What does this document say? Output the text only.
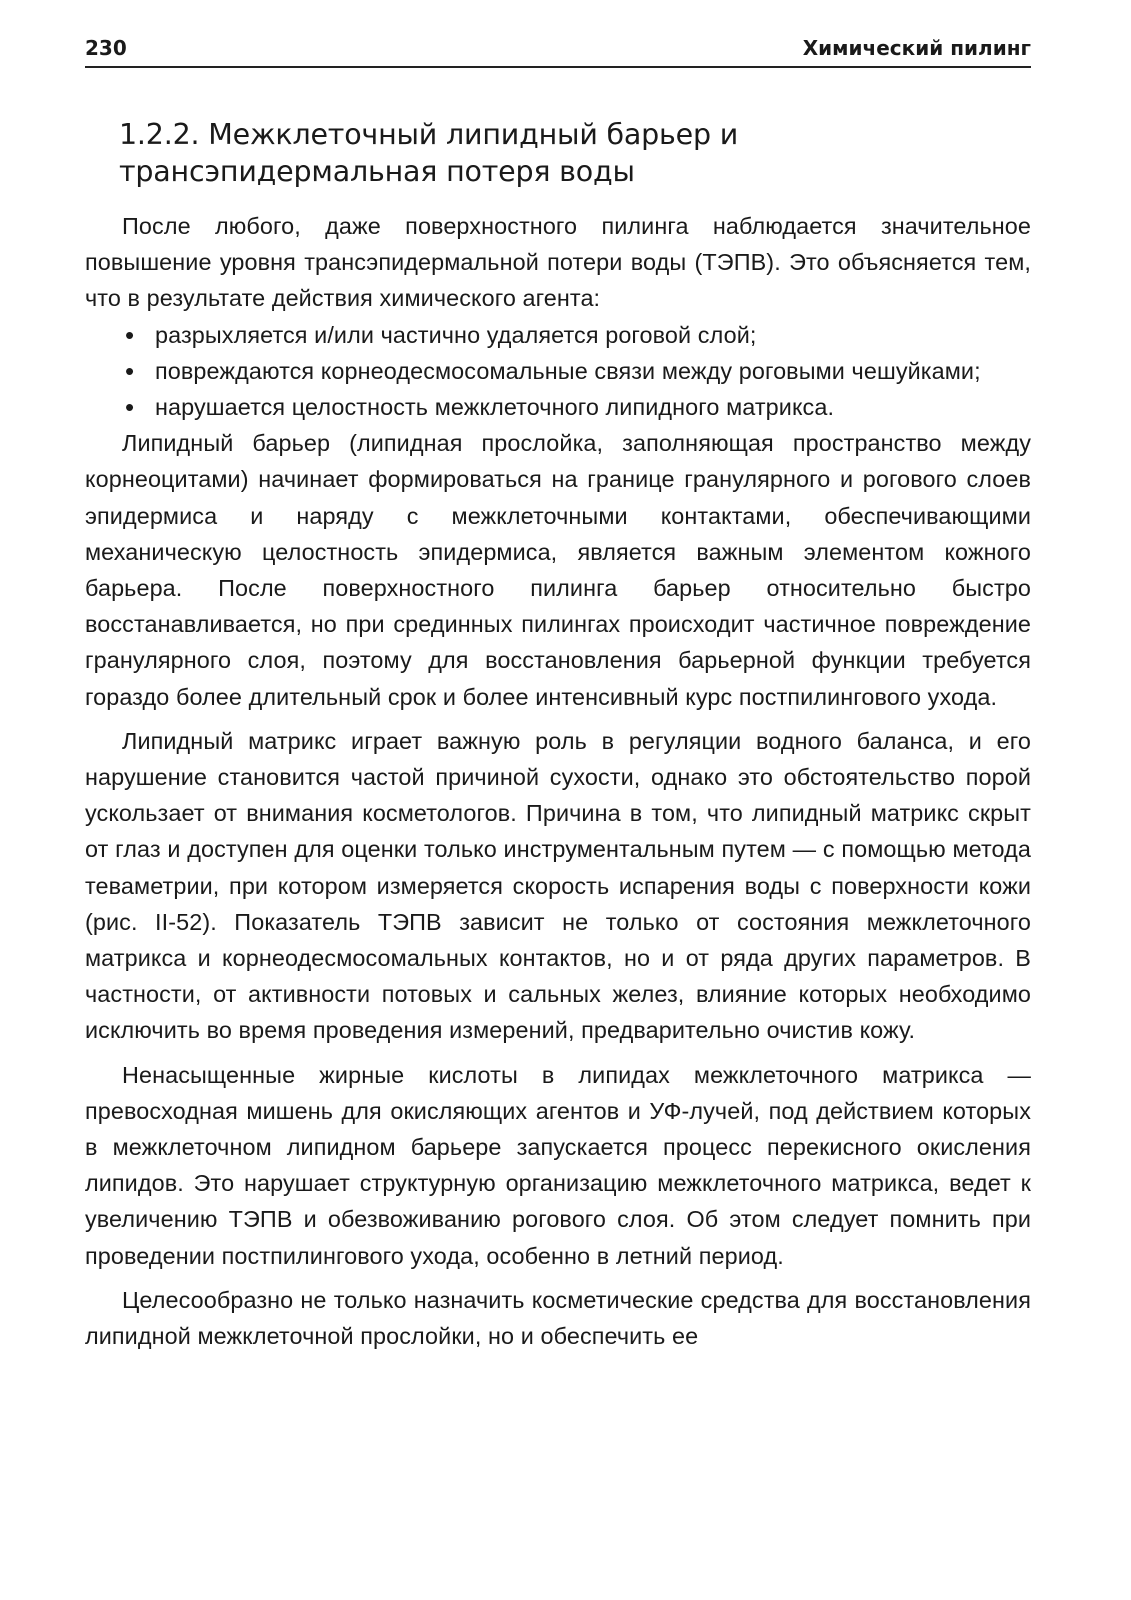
230	Химический пилинг
1.2.2. Межклеточный липидный барьер и трансэпидермальная потеря воды

После любого, даже поверхностного пилинга наблюдается значительное повышение уровня трансэпидермальной потери воды (ТЭПВ). Это объясняется тем, что в результате действия химического агента:

• разрыхляется и/или частично удаляется роговой слой;
• повреждаются корнеодесмосомальные связи между роговыми чешуйками;
• нарушается целостность межклеточного липидного матрикса.

Липидный барьер (липидная прослойка, заполняющая пространство между корнеоцитами) начинает формироваться на границе гранулярного и рогового слоев эпидермиса и наряду с межклеточными контактами, обеспечивающими механическую целостность эпидермиса, является важным элементом кожного барьера. После поверхностного пилинга барьер относительно быстро восстанавливается, но при срединных пилингах происходит частичное повреждение гранулярного слоя, поэтому для восстановления барьерной функции требуется гораздо более длительный срок и более интенсивный курс постпилингового ухода.

Липидный матрикс играет важную роль в регуляции водного баланса, и его нарушение становится частой причиной сухости, однако это обстоятельство порой ускользает от внимания косметологов. Причина в том, что липидный матрикс скрыт от глаз и доступен для оценки только инструментальным путем — с помощью метода теваметрии, при котором измеряется скорость испарения воды с поверхности кожи (рис. II-52). Показатель ТЭПВ зависит не только от состояния межклеточного матрикса и корнеодесмосомальных контактов, но и от ряда других параметров. В частности, от активности потовых и сальных желез, влияние которых необходимо исключить во время проведения измерений, предварительно очистив кожу.

Ненасыщенные жирные кислоты в липидах межклеточного матрикса — превосходная мишень для окисляющих агентов и УФ-лучей, под действием которых в межклеточном липидном барьере запускается процесс перекисного окисления липидов. Это нарушает структурную организацию межклеточного матрикса, ведет к увеличению ТЭПВ и обезвоживанию рогового слоя. Об этом следует помнить при проведении постпилингового ухода, особенно в летний период.

Целесообразно не только назначить косметические средства для восстановления липидной межклеточной прослойки, но и обеспечить ее
